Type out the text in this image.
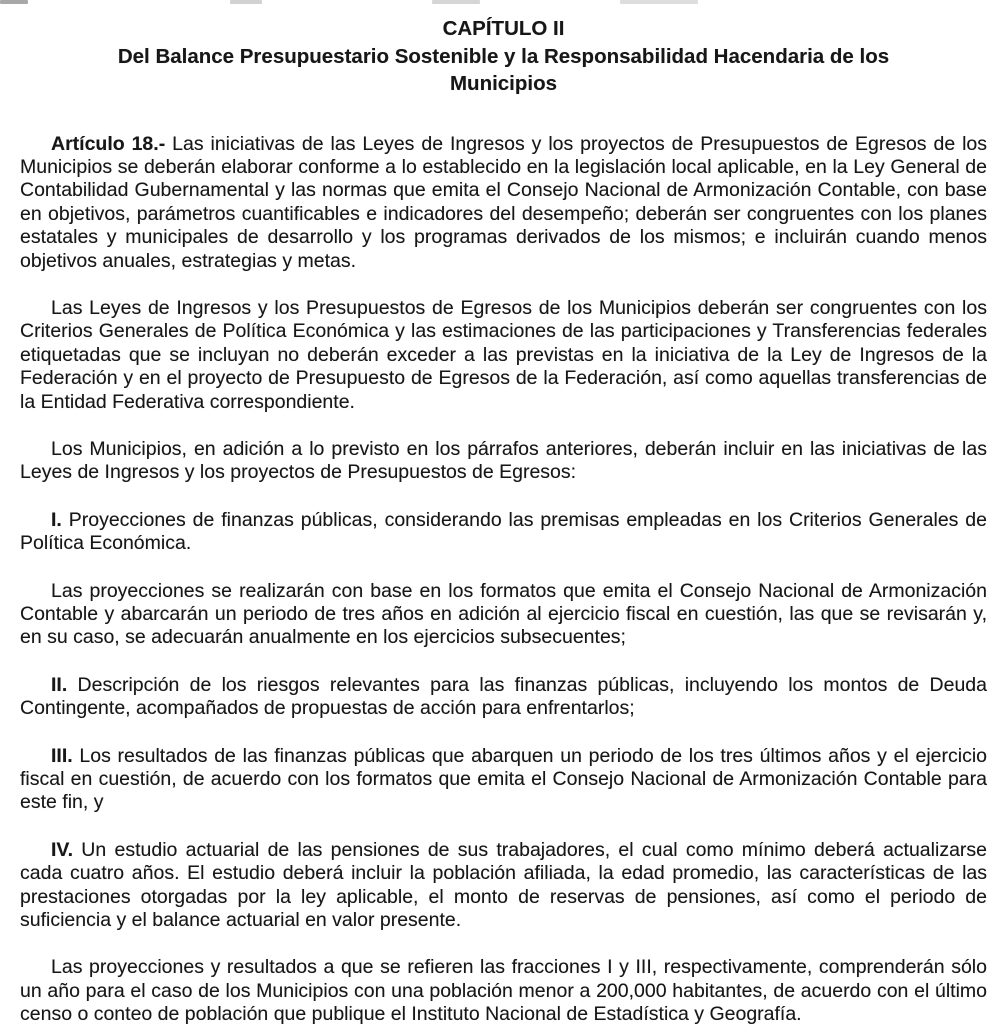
CAPÍTULO II
Del Balance Presupuestario Sostenible y la Responsabilidad Hacendaria de los
Municipios

Artículo 18.- Las iniciativas de las Leyes de Ingresos y los proyectos de Presupuestos de Egresos de los Municipios se deberán elaborar conforme a lo establecido en la legislación local aplicable, en la Ley General de Contabilidad Gubernamental y las normas que emita el Consejo Nacional de Armonización Contable, con base en objetivos, parámetros cuantificables e indicadores del desempeño; deberán ser congruentes con los planes estatales y municipales de desarrollo y los programas derivados de los mismos; e incluirán cuando menos objetivos anuales, estrategias y metas.

Las Leyes de Ingresos y los Presupuestos de Egresos de los Municipios deberán ser congruentes con los Criterios Generales de Política Económica y las estimaciones de las participaciones y Transferencias federales etiquetadas que se incluyan no deberán exceder a las previstas en la iniciativa de la Ley de Ingresos de la Federación y en el proyecto de Presupuesto de Egresos de la Federación, así como aquellas transferencias de la Entidad Federativa correspondiente.

Los Municipios, en adición a lo previsto en los párrafos anteriores, deberán incluir en las iniciativas de las Leyes de Ingresos y los proyectos de Presupuestos de Egresos:

I. Proyecciones de finanzas públicas, considerando las premisas empleadas en los Criterios Generales de Política Económica.

Las proyecciones se realizarán con base en los formatos que emita el Consejo Nacional de Armonización Contable y abarcarán un periodo de tres años en adición al ejercicio fiscal en cuestión, las que se revisarán y, en su caso, se adecuarán anualmente en los ejercicios subsecuentes;

II. Descripción de los riesgos relevantes para las finanzas públicas, incluyendo los montos de Deuda Contingente, acompañados de propuestas de acción para enfrentarlos;

III. Los resultados de las finanzas públicas que abarquen un periodo de los tres últimos años y el ejercicio fiscal en cuestión, de acuerdo con los formatos que emita el Consejo Nacional de Armonización Contable para este fin, y

IV. Un estudio actuarial de las pensiones de sus trabajadores, el cual como mínimo deberá actualizarse cada cuatro años. El estudio deberá incluir la población afiliada, la edad promedio, las características de las prestaciones otorgadas por la ley aplicable, el monto de reservas de pensiones, así como el periodo de suficiencia y el balance actuarial en valor presente.

Las proyecciones y resultados a que se refieren las fracciones I y III, respectivamente, comprenderán sólo un año para el caso de los Municipios con una población menor a 200,000 habitantes, de acuerdo con el último censo o conteo de población que publique el Instituto Nacional de Estadística y Geografía.
